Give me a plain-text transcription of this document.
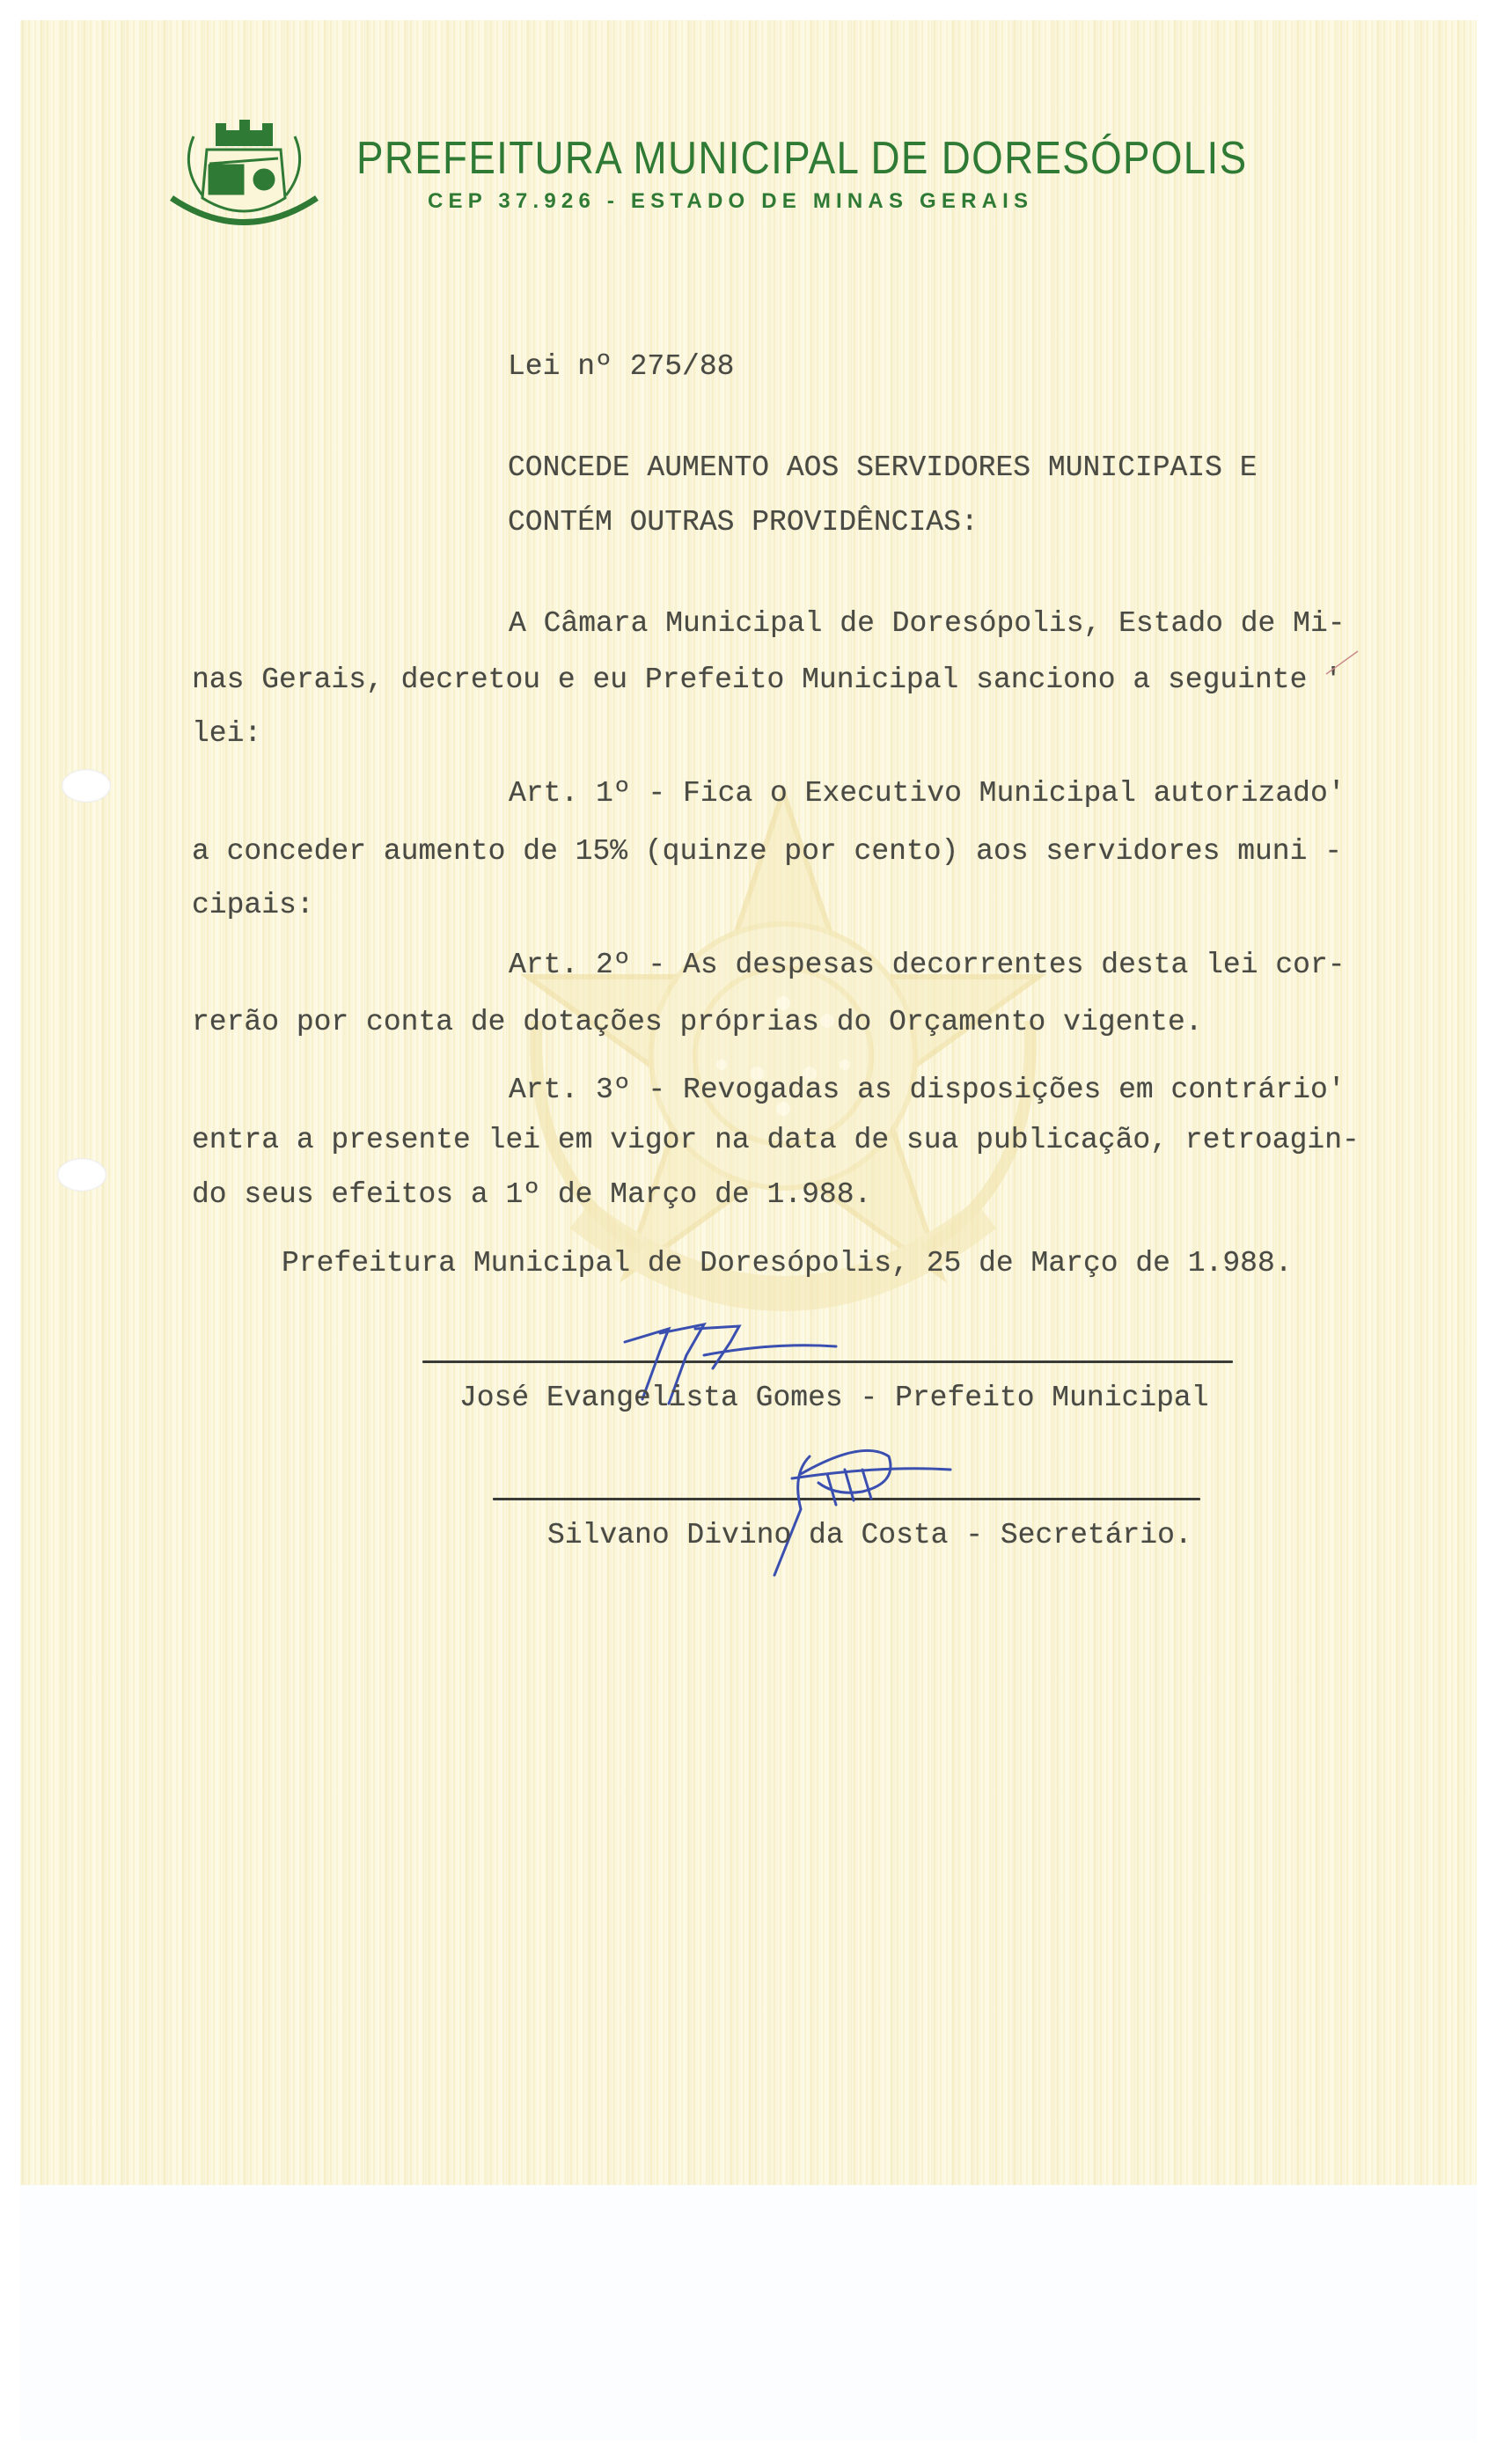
PREFEITURA MUNICIPAL DE DORESÓPOLIS
CEP 37.926 - ESTADO DE MINAS GERAIS
Lei nº 275/88
CONCEDE AUMENTO AOS SERVIDORES MUNICIPAIS E
CONTÉM OUTRAS PROVIDÊNCIAS:
A Câmara Municipal de Doresópolis, Estado de Mi-
nas Gerais, decretou e eu Prefeito Municipal sanciono a seguinte '
lei:
Art. 1º - Fica o Executivo Municipal autorizado'
a conceder aumento de 15% (quinze por cento) aos servidores muni -
cipais:
Art. 2º - As despesas decorrentes desta lei cor-
rerão por conta de dotações próprias do Orçamento vigente.
Art. 3º - Revogadas as disposições em contrário'
entra a presente lei em vigor na data de sua publicação, retroagin-
do seus efeitos a 1º de Março de 1.988.
Prefeitura Municipal de Doresópolis, 25 de Março de 1.988.
José Evangelista Gomes - Prefeito Municipal
Silvano Divino da Costa - Secretário.
